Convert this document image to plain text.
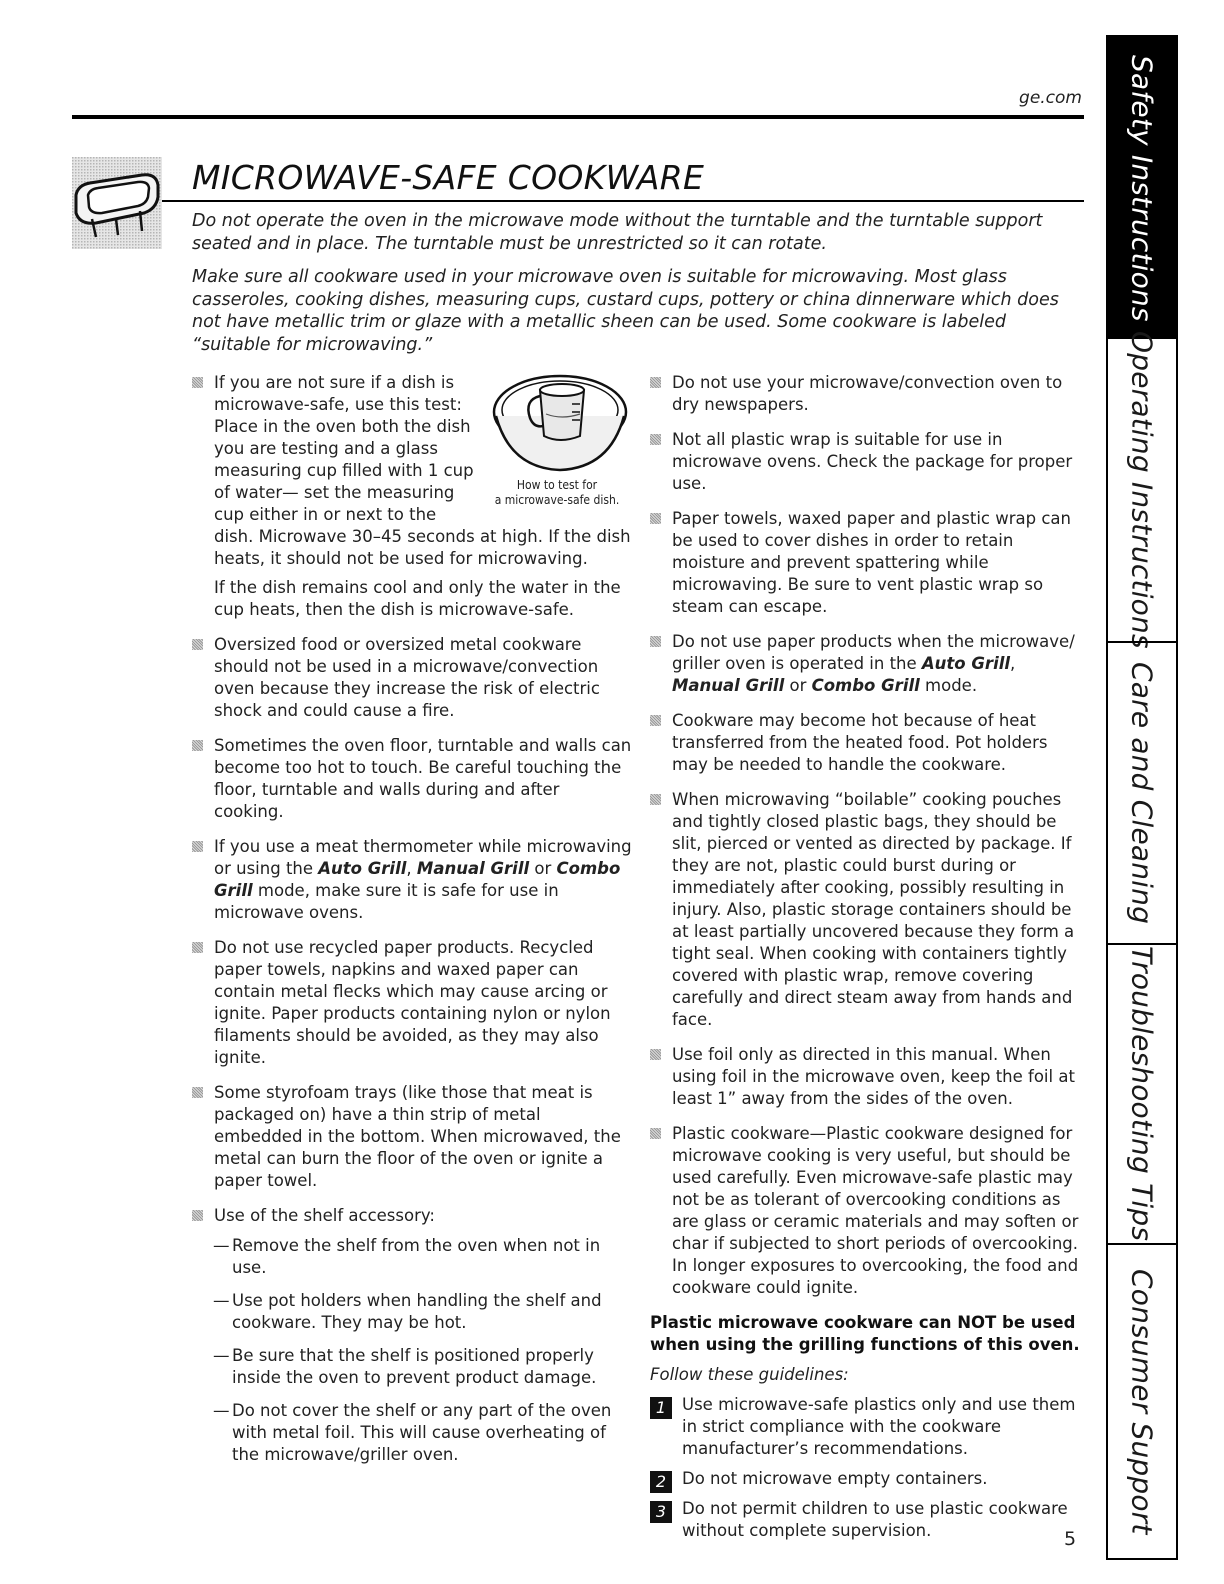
ge.com
MICROWAVE-SAFE COOKWARE

Do not operate the oven in the microwave mode without the turntable and the turntable support seated and in place. The turntable must be unrestricted so it can rotate.

Make sure all cookware used in your microwave oven is suitable for microwaving. Most glass casseroles, cooking dishes, measuring cups, custard cups, pottery or china dinnerware which does not have metallic trim or glaze with a metallic sheen can be used. Some cookware is labeled “suitable for microwaving.”

How to test for
a microwave-safe dish.
If you are not sure if a dish is microwave-safe, use this test: Place in the oven both the dish you are testing and a glass measuring cup filled with 1 cup of water— set the measuring cup either in or next to the dish. Microwave 30–45 seconds at high. If the dish heats, it should not be used for microwaving.
If the dish remains cool and only the water in the cup heats, then the dish is microwave-safe.
Oversized food or oversized metal cookware should not be used in a microwave/convection oven because they increase the risk of electric shock and could cause a fire.
Sometimes the oven floor, turntable and walls can become too hot to touch. Be careful touching the floor, turntable and walls during and after cooking.
If you use a meat thermometer while microwaving or using the Auto Grill, Manual Grill or Combo Grill mode, make sure it is safe for use in microwave ovens.
Do not use recycled paper products. Recycled paper towels, napkins and waxed paper can contain metal flecks which may cause arcing or ignite. Paper products containing nylon or nylon filaments should be avoided, as they may also ignite.
Some styrofoam trays (like those that meat is packaged on) have a thin strip of metal embedded in the bottom. When microwaved, the metal can burn the floor of the oven or ignite a paper towel.
Use of the shelf accessory:
— Remove the shelf from the oven when not in use.
— Use pot holders when handling the shelf and cookware. They may be hot.
— Be sure that the shelf is positioned properly inside the oven to prevent product damage.
— Do not cover the shelf or any part of the oven with metal foil. This will cause overheating of the microwave/griller oven.
Do not use your microwave/convection oven to dry newspapers.
Not all plastic wrap is suitable for use in microwave ovens. Check the package for proper use.
Paper towels, waxed paper and plastic wrap can be used to cover dishes in order to retain moisture and prevent spattering while microwaving. Be sure to vent plastic wrap so steam can escape.
Do not use paper products when the microwave/ griller oven is operated in the Auto Grill, Manual Grill or Combo Grill mode.
Cookware may become hot because of heat transferred from the heated food. Pot holders may be needed to handle the cookware.
When microwaving “boilable” cooking pouches and tightly closed plastic bags, they should be slit, pierced or vented as directed by package. If they are not, plastic could burst during or immediately after cooking, possibly resulting in injury. Also, plastic storage containers should be at least partially uncovered because they form a tight seal. When cooking with containers tightly covered with plastic wrap, remove covering carefully and direct steam away from hands and face.
Use foil only as directed in this manual. When using foil in the microwave oven, keep the foil at least 1” away from the sides of the oven.
Plastic cookware—Plastic cookware designed for microwave cooking is very useful, but should be used carefully. Even microwave-safe plastic may not be as tolerant of overcooking conditions as are glass or ceramic materials and may soften or char if subjected to short periods of overcooking. In longer exposures to overcooking, the food and cookware could ignite.
Plastic microwave cookware can NOT be used when using the grilling functions of this oven.
Follow these guidelines:
1 Use microwave-safe plastics only and use them in strict compliance with the cookware manufacturer’s recommendations.
2 Do not microwave empty containers.
3 Do not permit children to use plastic cookware without complete supervision.	5
Safety Instructions
Operating Instructions
Care and Cleaning
Troubleshooting Tips
Consumer Support
